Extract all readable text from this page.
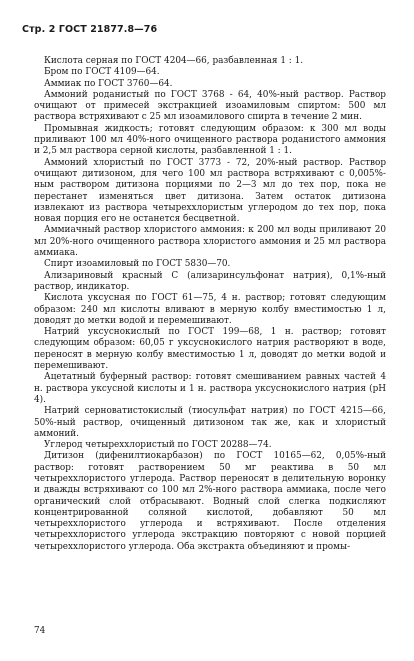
Стр. 2 ГОСТ 21877.8—76

Кислота серная по ГОСТ 4204—66, разбавленная 1 : 1.

Бром по ГОСТ 4109—64.

Аммиак по ГОСТ 3760—64.

Аммоний роданистый по ГОСТ 3768 - 64, 40%-ный раствор. Раствор очищают от примесей экстракцией изоамиловым спиртом: 500 мл раствора встряхивают с 25 мл изоамилового спирта в течение 2 мин.

Промывная жидкость; готовят следующим образом: к 300 мл воды приливают 100 мл 40%-ного очищенного раствора роданистого аммония и 2,5 мл раствора серной кислоты, разбавленной 1 : 1.

Аммоний хлористый по ГОСТ 3773 - 72, 20%-ный раствор. Раствор очищают дитизоном, для чего 100 мл раствора встряхивают с 0,005%-ным раствором дитизона порциями по 2—3 мл до тех пор, пока не перестанет изменяться цвет дитизона. Затем остаток дитизона извлекают из раствора четыреххлористым углеродом до тех пор, пока новая порция его не останется бесцветной.

Аммиачный раствор хлористого аммония: к 200 мл воды приливают 20 мл 20%-ного очищенного раствора хлористого аммония и 25 мл раствора аммиака.

Спирт изоамиловый по ГОСТ 5830—70.

Ализариновый красный С (ализаринсульфонат натрия), 0,1%-ный раствор, индикатор.

Кислота уксусная по ГОСТ 61—75, 4 н. раствор; готовят следующим образом: 240 мл кислоты вливают в мерную колбу вместимостью 1 л, доводят до метки водой и перемешивают.

Натрий уксуснокислый по ГОСТ 199—68, 1 н. раствор; готовят следующим образом: 60,05 г уксуснокислого натрия растворяют в воде, переносят в мерную колбу вместимостью 1 л, доводят до метки водой и перемешивают.

Ацетатный буферный раствор: готовят смешиванием равных частей 4 н. раствора уксусной кислоты и 1 н. раствора уксуснокислого натрия (рН 4).

Натрий серноватистокислый (тиосульфат натрия) по ГОСТ 4215—66, 50%-ный раствор, очищенный дитизоном так же, как и хлористый аммоний.

Углерод четыреххлористый по ГОСТ 20288—74.

Дитизон (дифенилтиокарбазон) по ГОСТ 10165—62, 0,05%-ный раствор: готовят растворением 50 мг реактива в 50 мл четыреххлористого углерода. Раствор переносят в делительную воронку и дважды встряхивают со 100 мл 2%-ного раствора аммиака, после чего органический слой отбрасывают. Водный слой слегка подкисляют концентрированной соляной кислотой, добавляют 50 мл четыреххлористого углерода и встряхивают. После отделения четыреххлористого углерода экстракцию повторяют с новой порцией четыреххлористого углерода. Оба экстракта объединяют и промы-

74
